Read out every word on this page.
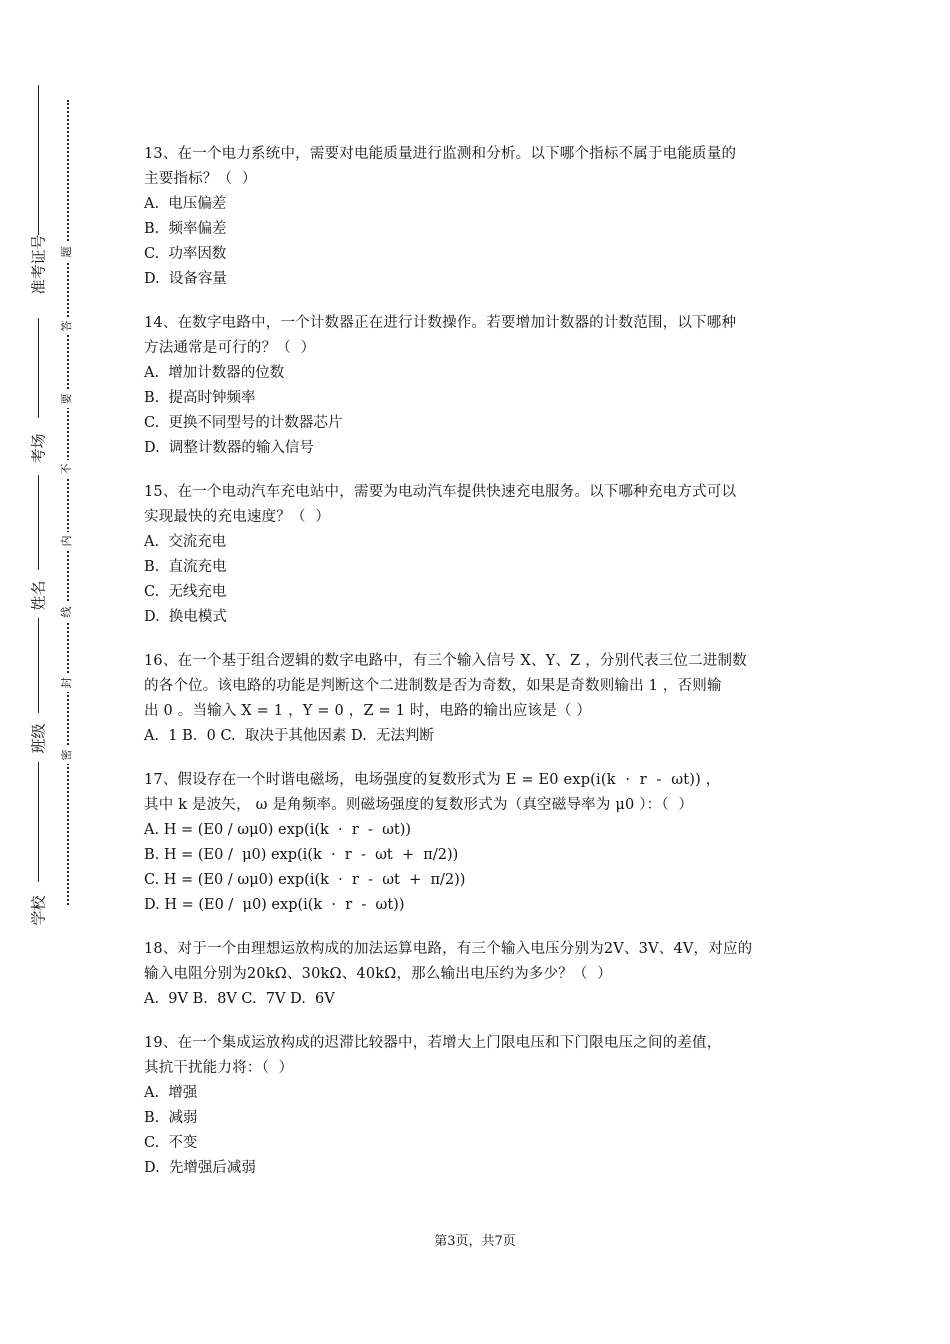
准考证号
考场
姓名
班级
学校
题
答
要
不
内
线
封
密
13、在一个电力系统中，需要对电能质量进行监测和分析。以下哪个指标不属于电能质量的
主要指标？（  ）
A.  电压偏差
B.  频率偏差
C.  功率因数
D.  设备容量
14、在数字电路中，一个计数器正在进行计数操作。若要增加计数器的计数范围，以下哪种
方法通常是可行的？（  ）
A.  增加计数器的位数
B.  提高时钟频率
C.  更换不同型号的计数器芯片
D.  调整计数器的输入信号
15、在一个电动汽车充电站中，需要为电动汽车提供快速充电服务。以下哪种充电方式可以
实现最快的充电速度？（  ）
A.  交流充电
B.  直流充电
C.  无线充电
D.  换电模式
16、在一个基于组合逻辑的数字电路中，有三个输入信号 X、Y、Z ，分别代表三位二进制数
的各个位。该电路的功能是判断这个二进制数是否为奇数，如果是奇数则输出 1 ，否则输
出 0 。当输入 X = 1 ，Y = 0 ，Z = 1 时，电路的输出应该是（ ）
A.  1 B.  0 C.  取决于其他因素 D.  无法判断
17、假设存在一个时谐电磁场，电场强度的复数形式为 E = E0 exp(i(k  ·  r  -  ωt)) ，
其中 k 是波矢， ω 是角频率。则磁场强度的复数形式为（真空磁导率为 μ0 ）：（  ）
A. H = (E0 / ωμ0) exp(i(k  ·  r  -  ωt))
B. H = (E0 /  μ0) exp(i(k  ·  r  -  ωt  +  π/2))
C. H = (E0 / ωμ0) exp(i(k  ·  r  -  ωt  +  π/2))
D. H = (E0 /  μ0) exp(i(k  ·  r  -  ωt))
18、对于一个由理想运放构成的加法运算电路，有三个输入电压分别为2V、3V、4V，对应的
输入电阻分别为20kΩ、30kΩ、40kΩ，那么输出电压约为多少？（  ）
A.  9V B.  8V C.  7V D.  6V
19、在一个集成运放构成的迟滞比较器中，若增大上门限电压和下门限电压之间的差值，
其抗干扰能力将：（  ）
A.  增强
B.  减弱
C.  不变
D.  先增强后减弱
第3页，共7页
